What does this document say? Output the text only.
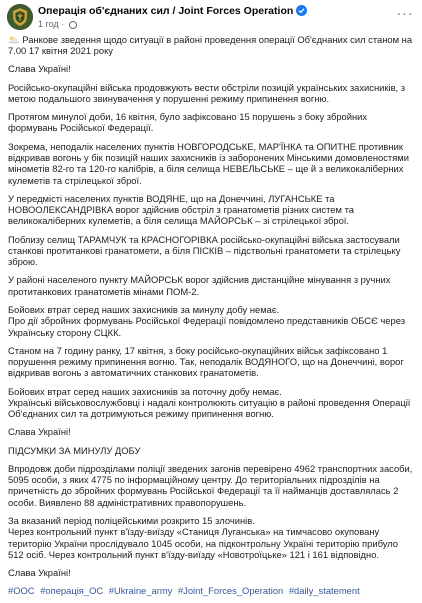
Операція об'єднаних сил / Joint Forces Operation
1 год ·
···

🌥️ Ранкове зведення щодо ситуації в районі проведення операції Об'єднаних сил станом на 7.00 17 квітня 2021 року

Слава Україні!

Російсько-окупаційні війська продовжують вести обстріли позицій українських захисників, з метою подальшого звинувачення у порушенні режиму припинення вогню.

Протягом минулої доби, 16 квітня, було зафіксовано 15 порушень з боку збройних формувань Російської Федерації.

Зокрема, неподалік населених пунктів НОВГОРОДСЬКЕ, МАР'ЇНКА та ОПИТНЕ противник відкривав вогонь у бік позицій наших захисників із заборонених Мінськими домовленостями мінометів 82-го та 120-го калібрів, а біля селища НЕВЕЛЬСЬКЕ – ще й з великокаліберних кулеметів та стрілецької зброї.

У передмісті населених пунктів ВОДЯНЕ, що на Донеччині, ЛУГАНСЬКЕ та НОВООЛЕКСАНДРІВКА ворог здійснив обстріл з гранатометів різних систем та великокаліберних кулеметів, а біля селища МАЙОРСЬК – зі стрілецької зброї.

Поблизу селищ ТАРАМЧУК та КРАСНОГОРІВКА російсько-окупаційні війська застосували станкові протитанкові гранатомети, а біля ПІСКІВ – підствольні гранатомети та стрілецьку зброю.

У районі населеного пункту МАЙОРСЬК ворог здійснив дистанційне мінування з ручних протитанкових гранатометів мінами ПОМ-2.

Бойових втрат серед наших захисників за минулу добу немає.
Про дії збройних формувань Російської Федерації повідомлено представників ОБСЄ через Українську сторону СЦКК.

Станом на 7 годину ранку, 17 квітня, з боку російсько-окупаційних військ зафіксовано 1 порушення режиму припинення вогню. Так, неподалік ВОДЯНОГО, що на Донеччині, ворог відкривав вогонь з автоматичних станкових гранатометів.

Бойових втрат серед наших захисників за поточну добу немає.
Українські військовослужбовці і надалі контролюють ситуацію в районі проведення Операції Об'єднаних сил та дотримуються режиму припинення вогню.

Слава Україні!

ПІДСУМКИ ЗА МИНУЛУ ДОБУ

Впродовж доби підрозділами поліції зведених загонів перевірено 4962 транспортних засоби, 5095 особи, з яких 4775 по інформаційному центру. До територіальних підрозділів на причетність до збройних формувань Російської Федерації та її найманців доставлялась 2 особи. Виявлено 88 адміністративних правопорушень.

За вказаний період поліцейськими розкрито 15 злочинів.
Через контрольний пункт в'їзду-виїзду «Станиця Луганська» на тимчасово окуповану територію України прослідувало 1045 особи, на підконтрольну Україні територію прибуло 512 осіб. Через контрольний пункт в'їзду-виїзду «Новотроїцьке» 121 і 161 відповідно.

Слава Україні!

#ООС #операція_ОС #Ukraine_army #Joint_Forces_Operation #daily_statement
